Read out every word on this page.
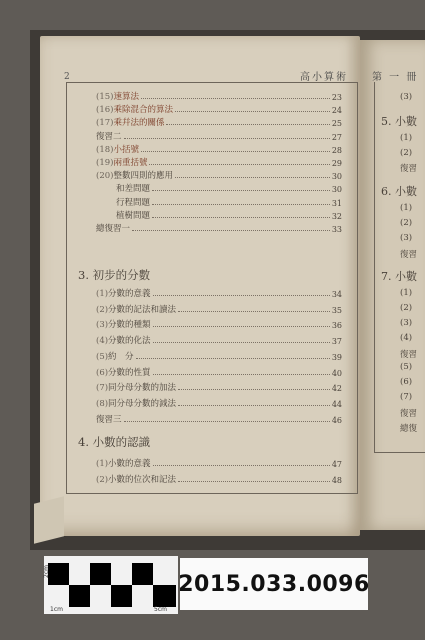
2	高小算術 第 一 冊
(15) 速算法	23
(16) 乘除混合的算法	24
(17) 乘幷法的關係	25
復習二	27
(18) 小括號	28
(19) 兩重括號	29
(20) 整數四則的應用	30
和差問題	30
行程問題	31
植樹問題	32
總復習一	33
3. 初步的分數
(1) 分數的意義	34
(2) 分數的記法和讀法	35
(3) 分數的種類	36
(4) 分數的化法	37
(5) 約　分	39
(6) 分數的性質	40
(7) 同分母分數的加法	42
(8) 同分母分數的減法	44
復習三	46
4. 小數的認識
(1) 小數的意義	47
(2) 小數的位次和記法	48
(3)
5. 小數
(1)
(2)
復習
6. 小數
(1)
(2)
(3)
復習
7. 小數
(1)
(2)
(3)
(4)
復習
(5)
(6)
(7)
復習
總復
2cm
1cm	5cm
2015.033.0096
